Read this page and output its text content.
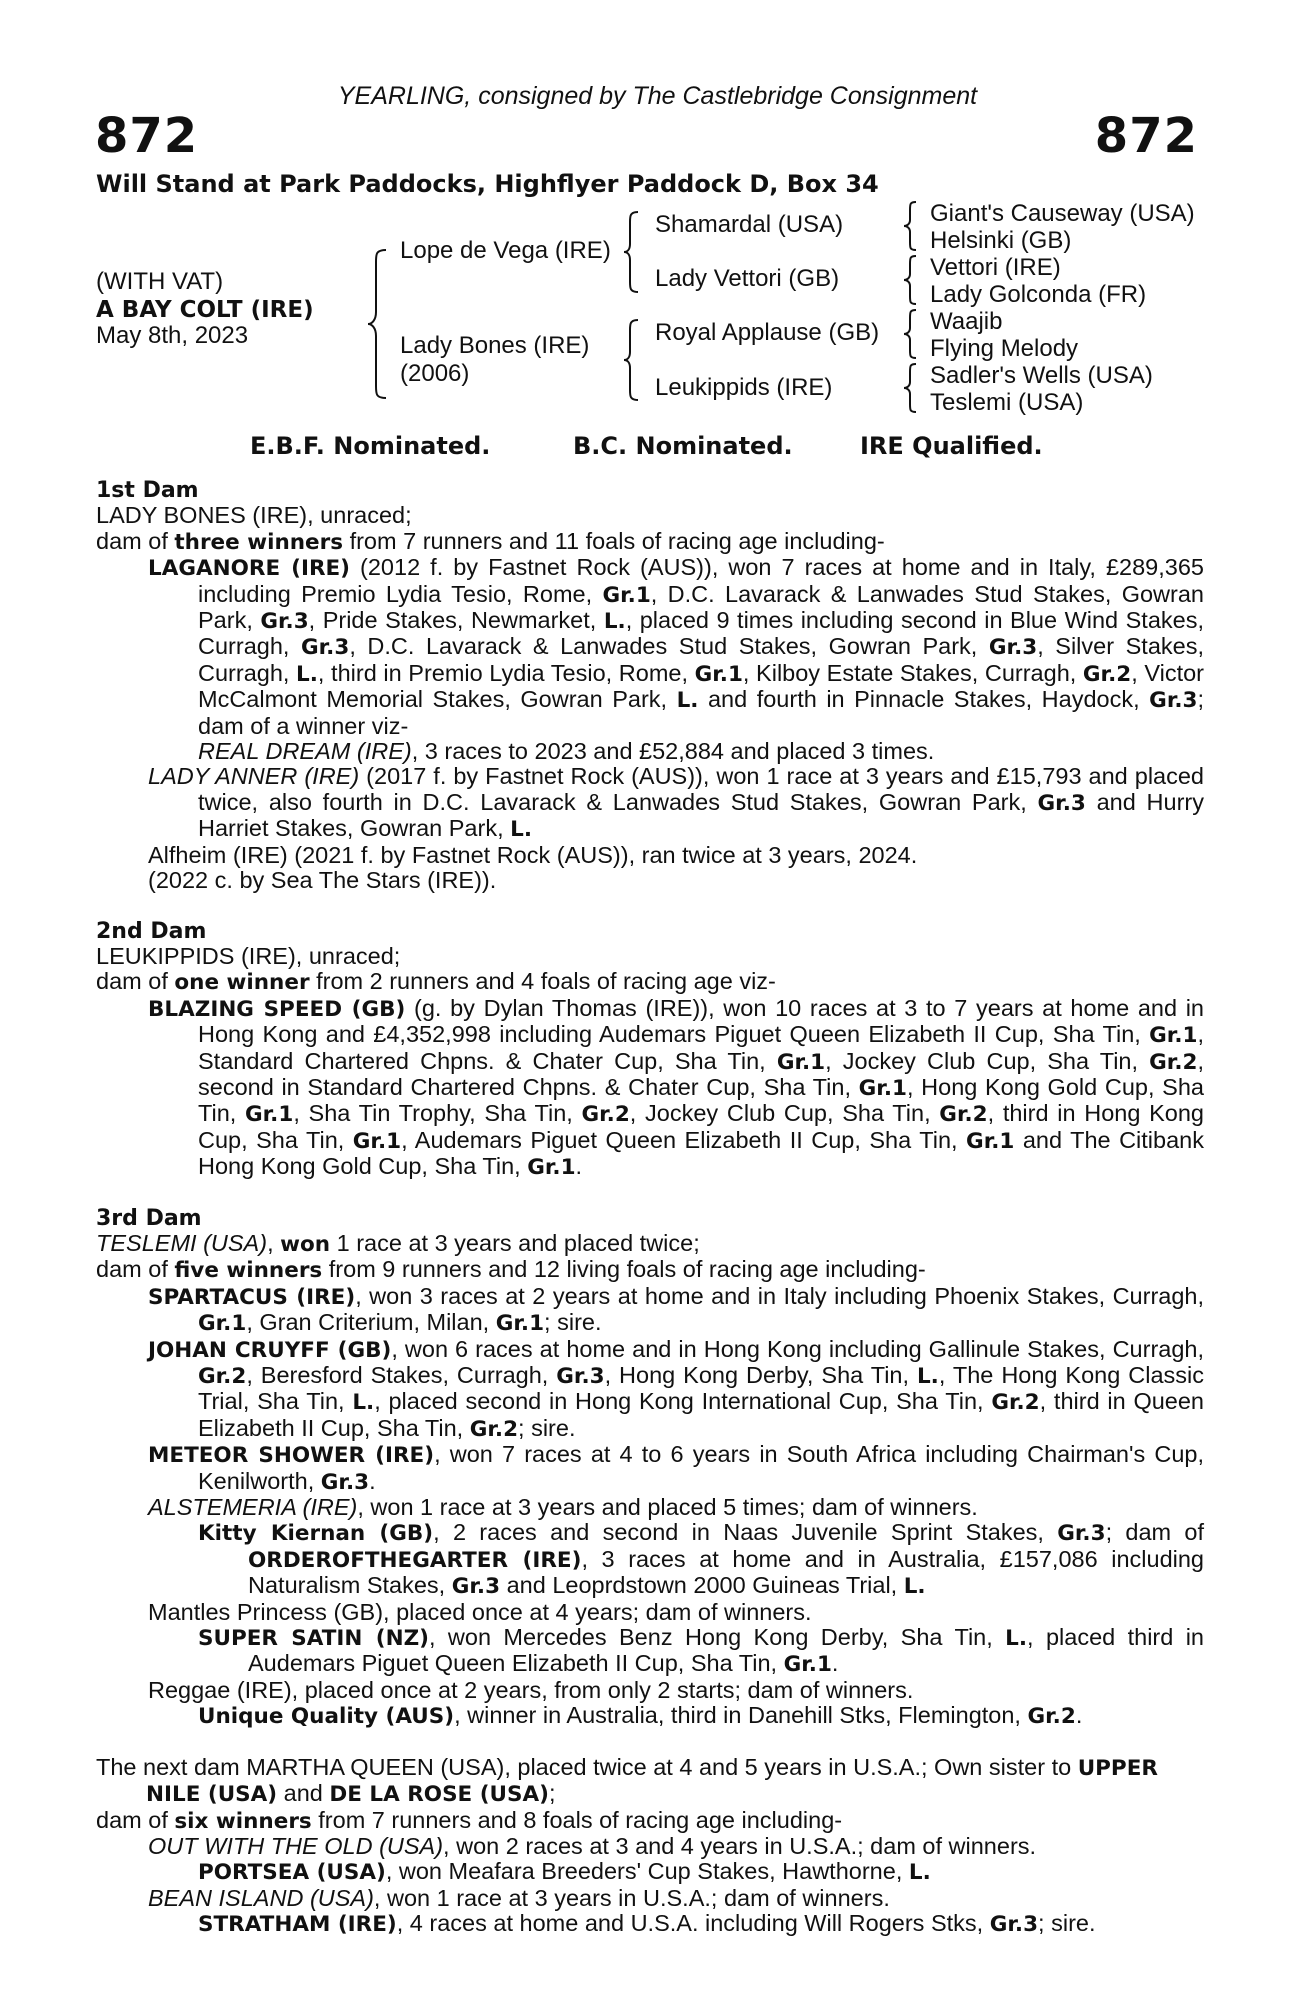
YEARLING, consigned by The Castlebridge Consignment
872	872
Will Stand at Park Paddocks, Highflyer Paddock D, Box 34
(WITH VAT)
A BAY COLT (IRE)
May 8th, 2023
Lope de Vega (IRE)
Lady Bones (IRE)
(2006)
Shamardal (USA)
Lady Vettori (GB)
Royal Applause (GB)
Leukippids (IRE)
Giant's Causeway (USA)
Helsinki (GB)
Vettori (IRE)
Lady Golconda (FR)
Waajib
Flying Melody
Sadler's Wells (USA)
Teslemi (USA)
E.B.F. Nominated.	B.C. Nominated.	IRE Qualified.

1st Dam

LADY BONES (IRE), unraced;

dam of three winners from 7 runners and 11 foals of racing age including-

LAGANORE (IRE) (2012 f. by Fastnet Rock (AUS)), won 7 races at home and in Italy, £289,365 including Premio Lydia Tesio, Rome, Gr.1, D.C. Lavarack & Lanwades Stud Stakes, Gowran Park, Gr.3, Pride Stakes, Newmarket, L., placed 9 times including second in Blue Wind Stakes, Curragh, Gr.3, D.C. Lavarack & Lanwades Stud Stakes, Gowran Park, Gr.3, Silver Stakes, Curragh, L., third in Premio Lydia Tesio, Rome, Gr.1, Kilboy Estate Stakes, Curragh, Gr.2, Victor McCalmont Memorial Stakes, Gowran Park, L. and fourth in Pinnacle Stakes, Haydock, Gr.3; dam of a winner viz-

REAL DREAM (IRE), 3 races to 2023 and £52,884 and placed 3 times.

LADY ANNER (IRE) (2017 f. by Fastnet Rock (AUS)), won 1 race at 3 years and £15,793 and placed twice, also fourth in D.C. Lavarack & Lanwades Stud Stakes, Gowran Park, Gr.3 and Hurry Harriet Stakes, Gowran Park, L.

Alfheim (IRE) (2021 f. by Fastnet Rock (AUS)), ran twice at 3 years, 2024.

(2022 c. by Sea The Stars (IRE)).

2nd Dam

LEUKIPPIDS (IRE), unraced;

dam of one winner from 2 runners and 4 foals of racing age viz-

BLAZING SPEED (GB) (g. by Dylan Thomas (IRE)), won 10 races at 3 to 7 years at home and in Hong Kong and £4,352,998 including Audemars Piguet Queen Elizabeth II Cup, Sha Tin, Gr.1, Standard Chartered Chpns. & Chater Cup, Sha Tin, Gr.1, Jockey Club Cup, Sha Tin, Gr.2, second in Standard Chartered Chpns. & Chater Cup, Sha Tin, Gr.1, Hong Kong Gold Cup, Sha Tin, Gr.1, Sha Tin Trophy, Sha Tin, Gr.2, Jockey Club Cup, Sha Tin, Gr.2, third in Hong Kong Cup, Sha Tin, Gr.1, Audemars Piguet Queen Elizabeth II Cup, Sha Tin, Gr.1 and The Citibank Hong Kong Gold Cup, Sha Tin, Gr.1.

3rd Dam

TESLEMI (USA), won 1 race at 3 years and placed twice;

dam of five winners from 9 runners and 12 living foals of racing age including-

SPARTACUS (IRE), won 3 races at 2 years at home and in Italy including Phoenix Stakes, Curragh, Gr.1, Gran Criterium, Milan, Gr.1; sire.

JOHAN CRUYFF (GB), won 6 races at home and in Hong Kong including Gallinule Stakes, Curragh, Gr.2, Beresford Stakes, Curragh, Gr.3, Hong Kong Derby, Sha Tin, L., The Hong Kong Classic Trial, Sha Tin, L., placed second in Hong Kong International Cup, Sha Tin, Gr.2, third in Queen Elizabeth II Cup, Sha Tin, Gr.2; sire.

METEOR SHOWER (IRE), won 7 races at 4 to 6 years in South Africa including Chairman's Cup, Kenilworth, Gr.3.

ALSTEMERIA (IRE), won 1 race at 3 years and placed 5 times; dam of winners.

Kitty Kiernan (GB), 2 races and second in Naas Juvenile Sprint Stakes, Gr.3; dam of ORDEROFTHEGARTER (IRE), 3 races at home and in Australia, £157,086 including Naturalism Stakes, Gr.3 and Leoprdstown 2000 Guineas Trial, L.

Mantles Princess (GB), placed once at 4 years; dam of winners.

SUPER SATIN (NZ), won Mercedes Benz Hong Kong Derby, Sha Tin, L., placed third in Audemars Piguet Queen Elizabeth II Cup, Sha Tin, Gr.1.

Reggae (IRE), placed once at 2 years, from only 2 starts; dam of winners.

Unique Quality (AUS), winner in Australia, third in Danehill Stks, Flemington, Gr.2.

The next dam MARTHA QUEEN (USA), placed twice at 4 and 5 years in U.S.A.; Own sister to UPPER NILE (USA) and DE LA ROSE (USA);

dam of six winners from 7 runners and 8 foals of racing age including-

OUT WITH THE OLD (USA), won 2 races at 3 and 4 years in U.S.A.; dam of winners.

PORTSEA (USA), won Meafara Breeders' Cup Stakes, Hawthorne, L.

BEAN ISLAND (USA), won 1 race at 3 years in U.S.A.; dam of winners.

STRATHAM (IRE), 4 races at home and U.S.A. including Will Rogers Stks, Gr.3; sire.
